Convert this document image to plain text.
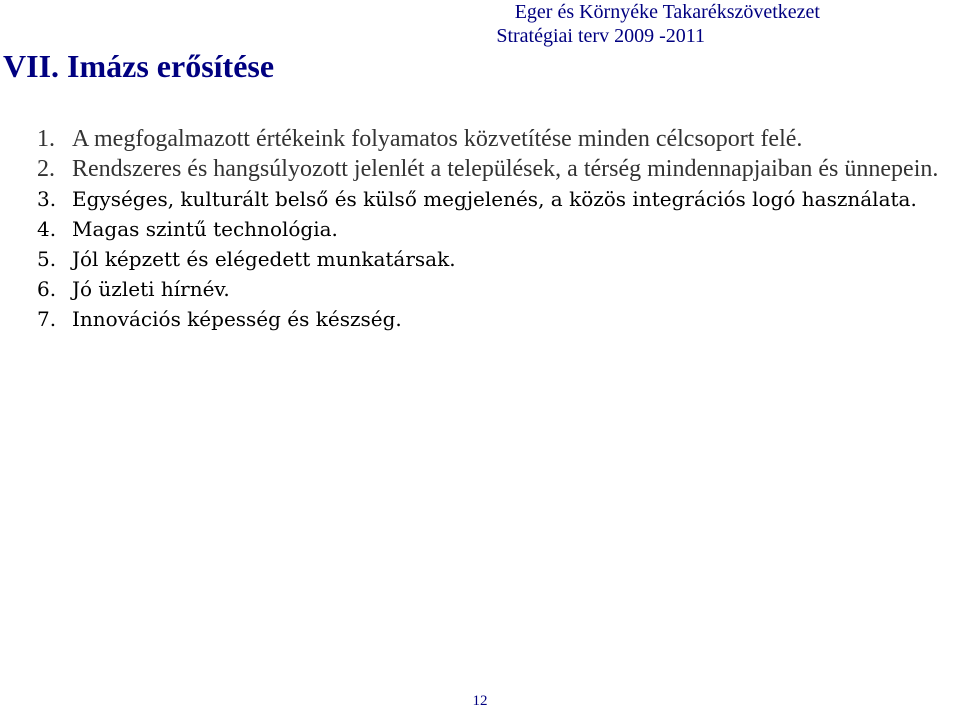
Eger és Környéke Takarékszövetkezet
Stratégiai terv 2009 -2011
VII. Imázs erősítése
1. A megfogalmazott értékeink folyamatos közvetítése minden célcsoport felé.
2. Rendszeres és hangsúlyozott jelenlét a települések, a térség mindennapjaiban és ünnepein.
3. Egységes, kulturált belső és külső megjelenés, a közös integrációs logó használata.
4. Magas szintű technológia.
5. Jól képzett és elégedett munkatársak.
6. Jó üzleti hírnév.
7. Innovációs képesség és készség.
12
